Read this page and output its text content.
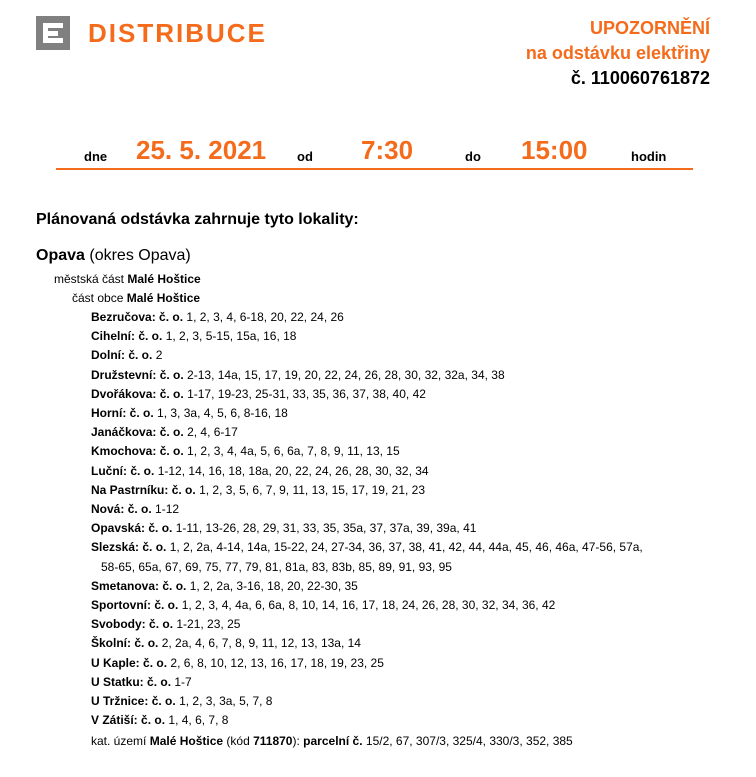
DISTRIBUCE	UPOZORNĚNÍ
na odstávku elektřiny
č. 110060761872
dne 25. 5. 2021 od 7:30	do 15:00	hodin
Plánovaná odstávka zahrnuje tyto lokality:
Opava (okres Opava)
městská část Malé Hoštice
část obce Malé Hoštice
Bezručova: č. o. 1, 2, 3, 4, 6-18, 20, 22, 24, 26
Cihelní: č. o. 1, 2, 3, 5-15, 15a, 16, 18
Dolní: č. o. 2
Družstevní: č. o. 2-13, 14a, 15, 17, 19, 20, 22, 24, 26, 28, 30, 32, 32a, 34, 38
Dvořákova: č. o. 1-17, 19-23, 25-31, 33, 35, 36, 37, 38, 40, 42
Horní: č. o. 1, 3, 3a, 4, 5, 6, 8-16, 18
Janáčkova: č. o. 2, 4, 6-17
Kmochova: č. o. 1, 2, 3, 4, 4a, 5, 6, 6a, 7, 8, 9, 11, 13, 15
Luční: č. o. 1-12, 14, 16, 18, 18a, 20, 22, 24, 26, 28, 30, 32, 34
Na Pastrníku: č. o. 1, 2, 3, 5, 6, 7, 9, 11, 13, 15, 17, 19, 21, 23
Nová: č. o. 1-12
Opavská: č. o. 1-11, 13-26, 28, 29, 31, 33, 35, 35a, 37, 37a, 39, 39a, 41
Slezská: č. o. 1, 2, 2a, 4-14, 14a, 15-22, 24, 27-34, 36, 37, 38, 41, 42, 44, 44a, 45, 46, 46a, 47-56, 57a,
58-65, 65a, 67, 69, 75, 77, 79, 81, 81a, 83, 83b, 85, 89, 91, 93, 95
Smetanova: č. o. 1, 2, 2a, 3-16, 18, 20, 22-30, 35
Sportovní: č. o. 1, 2, 3, 4, 4a, 6, 6a, 8, 10, 14, 16, 17, 18, 24, 26, 28, 30, 32, 34, 36, 42
Svobody: č. o. 1-21, 23, 25
Školní: č. o. 2, 2a, 4, 6, 7, 8, 9, 11, 12, 13, 13a, 14
U Kaple: č. o. 2, 6, 8, 10, 12, 13, 16, 17, 18, 19, 23, 25
U Statku: č. o. 1-7
U Tržnice: č. o. 1, 2, 3, 3a, 5, 7, 8
V Zátiší: č. o. 1, 4, 6, 7, 8
kat. území Malé Hoštice (kód 711870): parcelní č. 15/2, 67, 307/3, 325/4, 330/3, 352, 385
